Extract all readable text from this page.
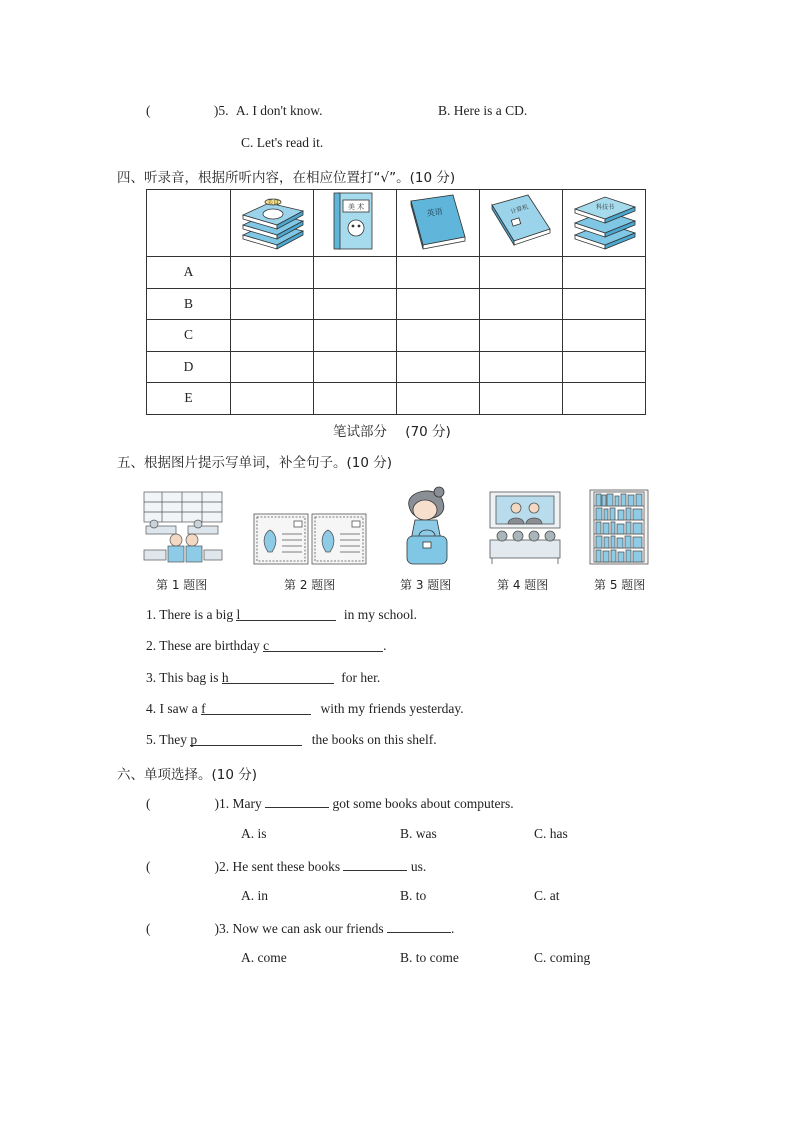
(	)5. A. I don't know.	B. Here is a CD.
C. Let's read it.
四、听录音，根据所听内容，在相应位置打“√”。(10 分)

美食	美 术	英语	计算机	科技书

A					
B					
C					
D					
E					
笔试部分 (70 分)
五、根据图片提示写单词，补全句子。(10 分)
第 1 题图	第 2 题图	第 3 题图	第 4 题图	第 5 题图
1. There is a big l	in my school.
2. These are birthday c	.
3. This bag is h	for her.
4. I saw a f	with my friends yesterday.
5. They p	the books on this shelf.
六、单项选择。(10 分)
(	)1. Mary	got some books about computers.
A. is	B. was	C. has
(	)2. He sent these books	us.
A. in	B. to	C. at
(	)3. Now we can ask our friends	.
A. come	B. to come	C. coming
